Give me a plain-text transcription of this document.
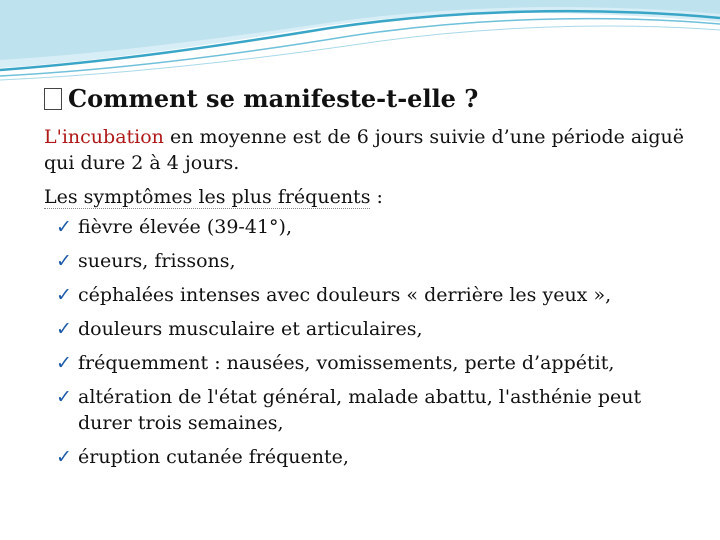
Comment se manifeste-t-elle ?

L'incubation en moyenne est de 6 jours suivie d’une période aiguë qui dure 2 à 4 jours.

Les symptômes les plus fréquents :

✓ fièvre élevée (39-41°),
✓ sueurs, frissons,
✓ céphalées intenses avec douleurs « derrière les yeux »,
✓ douleurs musculaire et articulaires,
✓ fréquemment : nausées, vomissements, perte d’appétit,
✓ altération de l'état général, malade abattu, l'asthénie peut durer trois semaines,
✓ éruption cutanée fréquente,
